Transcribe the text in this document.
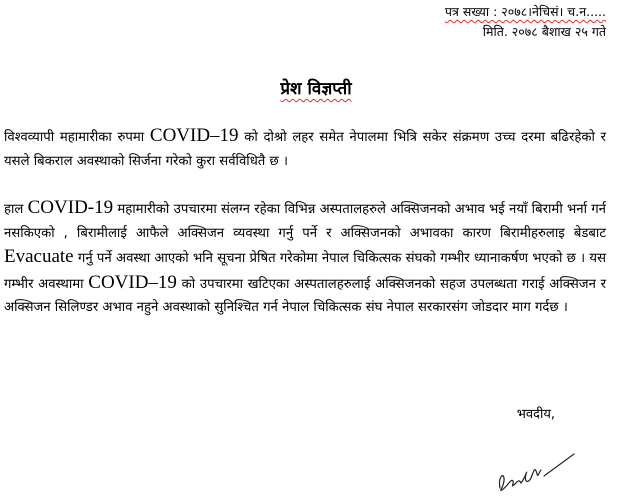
पत्र सख्या : २०७८।नेचिसं। च.न.....
मिति. २०७८ बैशाख २५ गते
प्रेश विज्ञप्ती
विश्वव्यापी महामारीका रुपमा COVID–19 को दोश्रो लहर समेत नेपालमा भित्रि सकेर संक्रमण उच्च दरमा बढिरहेको र यसले बिकराल अवस्थाको सिर्जना गरेको कुरा सर्वविधितै छ ।
हाल COVID-19 महामारीको उपचारमा संलग्न रहेका विभिन्न अस्पतालहरुले अक्सिजनको अभाव भई नयाँ बिरामी भर्ना गर्न नसकिएको , बिरामीलाई आफैले अक्सिजन व्यवस्था गर्नु पर्ने र अक्सिजनको अभावका कारण बिरामीहरुलाइ बेडबाट Evacuate गर्नु पर्ने अवस्था आएको भनि सूचना प्रेषित गरेकोमा नेपाल चिकित्सक संघको गम्भीर ध्यानाकर्षण भएको छ । यस गम्भीर अवस्थामा COVID–19 को उपचारमा खटिएका अस्पतालहरुलाई अक्सिजनको सहज उपलब्धता गराई अक्सिजन र अक्सिजन सिलिण्डर अभाव नहुने अवस्थाको सुनिश्चित गर्न नेपाल चिकित्सक संघ नेपाल सरकारसंग जोडदार माग गर्दछ ।
भवदीय,
